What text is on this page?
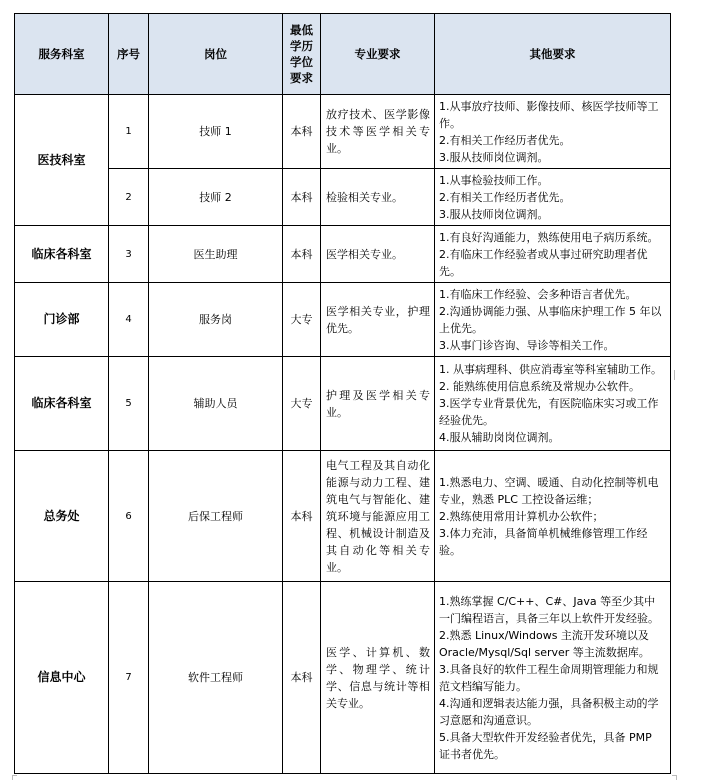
服务科室	序号	岗位	最低学历学位要求	专业要求	其他要求
医技科室	1	技师 1	本科	放疗技术、医学影像技术等医学相关专业。	1.从事放疗技师、影像技师、核医学技师等工作。
2.有相关工作经历者优先。
3.服从技师岗位调剂。

	2	技师 2	本科	检验相关专业。	1.从事检验技师工作。
2.有相关工作经历者优先。
3.服从技师岗位调剂。

临床各科室	3	医生助理	本科	医学相关专业。	1.有良好沟通能力，熟练使用电子病历系统。
2.有临床工作经验者或从事过研究助理者优先。

门诊部	4	服务岗	大专	医学相关专业，护理优先。	1.有临床工作经验、会多种语言者优先。
2.沟通协调能力强、从事临床护理工作 5 年以上优先。
3.从事门诊咨询、导诊等相关工作。

临床各科室	5	辅助人员	大专	护理及医学相关专业。	1. 从事病理科、供应消毒室等科室辅助工作。
2. 能熟练使用信息系统及常规办公软件。
3.医学专业背景优先，有医院临床实习或工作经验优先。
4.服从辅助岗岗位调剂。

总务处	6	后保工程师	本科	电气工程及其自动化能源与动力工程、建筑电气与智能化、建筑环境与能源应用工程、机械设计制造及其自动化等相关专业。	1.熟悉电力、空调、暖通、自动化控制等机电专业，熟悉 PLC 工控设备运维；
2.熟练使用常用计算机办公软件；
3.体力充沛，具备简单机械维修管理工作经验。

信息中心	7	软件工程师	本科	医学、计算机、数学、物理学、统计学、信息与统计等相关专业。	1.熟练掌握 C/C++、C#、Java 等至少其中一门编程语言，具备三年以上软件开发经验。
2.熟悉 Linux/Windows 主流开发环境以及 Oracle/Mysql/Sql server 等主流数据库。
3.具备良好的软件工程生命周期管理能力和规范文档编写能力。
4.沟通和逻辑表达能力强，具备积极主动的学习意愿和沟通意识。
5.具备大型软件开发经验者优先，具备 PMP 证书者优先。
